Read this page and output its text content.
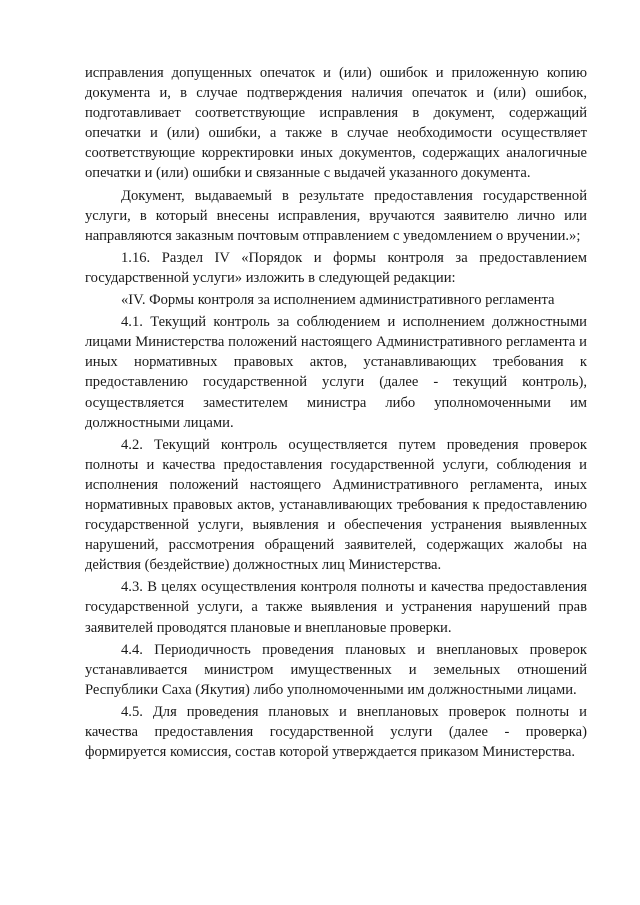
исправления допущенных опечаток и (или) ошибок и приложенную копию документа и, в случае подтверждения наличия опечаток и (или) ошибок, подготавливает соответствующие исправления в документ, содержащий опечатки и (или) ошибки, а также в случае необходимости осуществляет соответствующие корректировки иных документов, содержащих аналогичные опечатки и (или) ошибки и связанные с выдачей указанного документа.

Документ, выдаваемый в результате предоставления государственной услуги, в который внесены исправления, вручаются заявителю лично или направляются заказным почтовым отправлением с уведомлением о вручении.»;

1.16. Раздел IV «Порядок и формы контроля за предоставлением государственной услуги» изложить в следующей редакции:

«IV. Формы контроля за исполнением административного регламента

4.1. Текущий контроль за соблюдением и исполнением должностными лицами Министерства положений настоящего Административного регламента и иных нормативных правовых актов, устанавливающих требования к предоставлению государственной услуги (далее - текущий контроль), осуществляется заместителем министра либо уполномоченными им должностными лицами.

4.2. Текущий контроль осуществляется путем проведения проверок полноты и качества предоставления государственной услуги, соблюдения и исполнения положений настоящего Административного регламента, иных нормативных правовых актов, устанавливающих требования к предоставлению государственной услуги, выявления и обеспечения устранения выявленных нарушений, рассмотрения обращений заявителей, содержащих жалобы на действия (бездействие) должностных лиц Министерства.

4.3. В целях осуществления контроля полноты и качества предоставления государственной услуги, а также выявления и устранения нарушений прав заявителей проводятся плановые и внеплановые проверки.

4.4. Периодичность проведения плановых и внеплановых проверок устанавливается министром имущественных и земельных отношений Республики Саха (Якутия) либо уполномоченными им должностными лицами.

4.5. Для проведения плановых и внеплановых проверок полноты и качества предоставления государственной услуги (далее - проверка) формируется комиссия, состав которой утверждается приказом Министерства.
